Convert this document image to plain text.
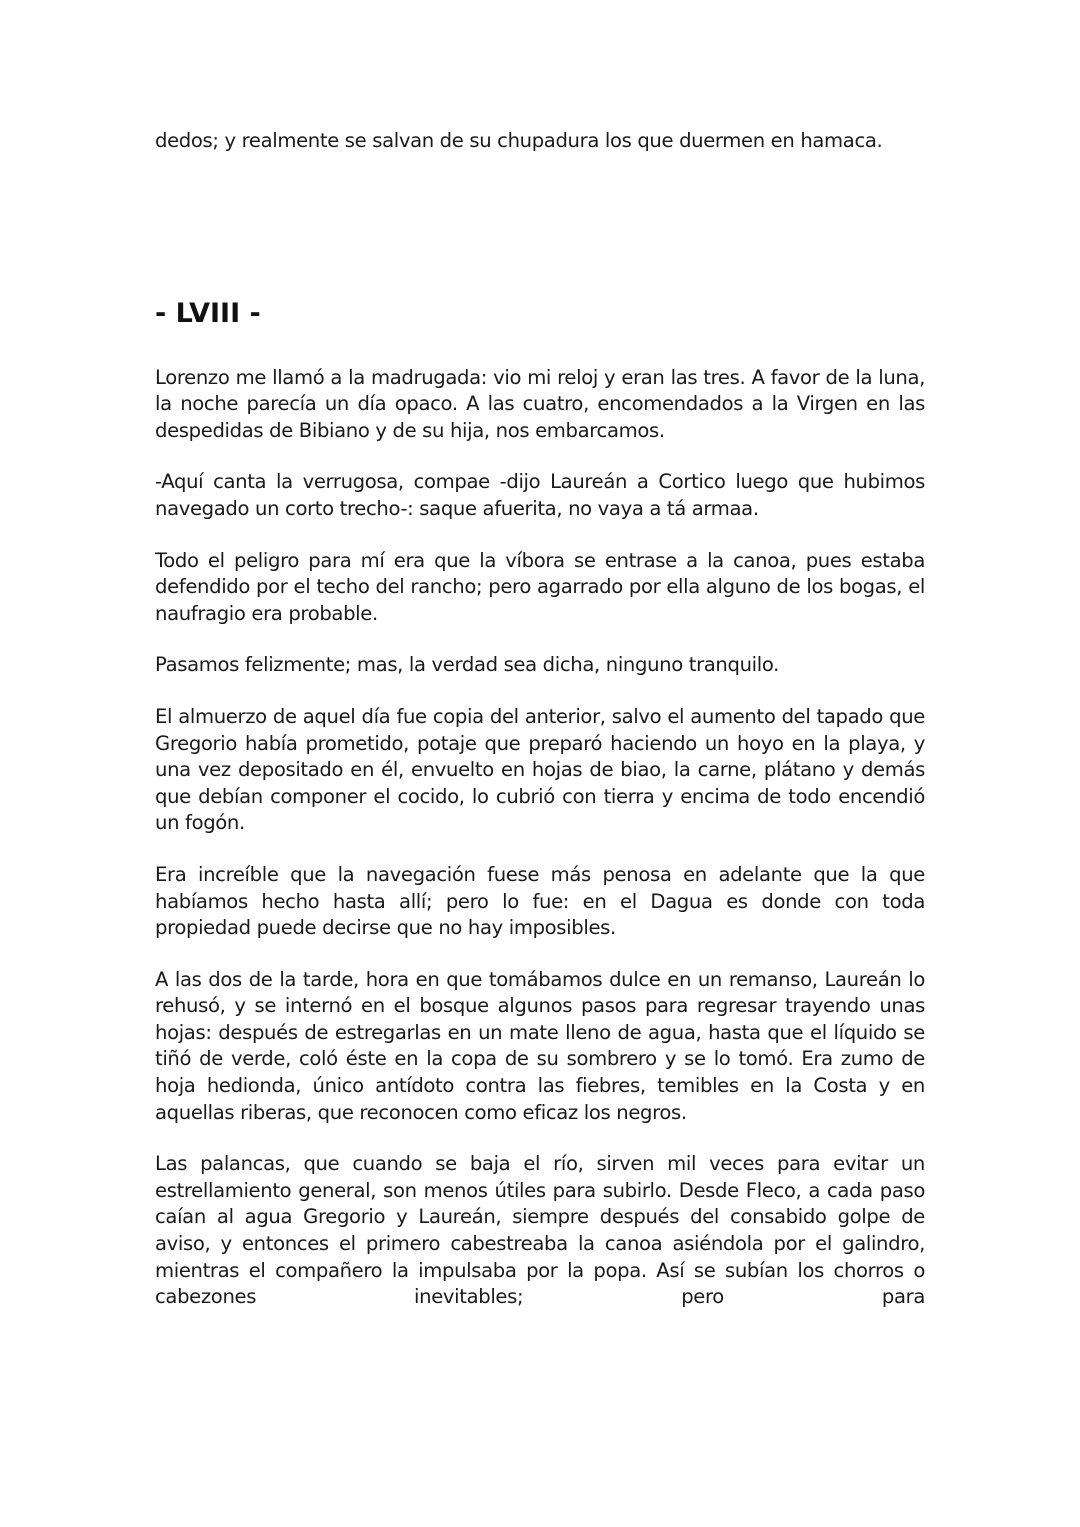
dedos; y realmente se salvan de su chupadura los que duermen en hamaca.

- LVIII -

Lorenzo me llamó a la madrugada: vio mi reloj y eran las tres. A favor de la luna, la noche parecía un día opaco. A las cuatro, encomendados a la Virgen en las despedidas de Bibiano y de su hija, nos embarcamos.

-Aquí canta la verrugosa, compae -dijo Laureán a Cortico luego que hubimos navegado un corto trecho-: saque afuerita, no vaya a tá armaa.

Todo el peligro para mí era que la víbora se entrase a la canoa, pues estaba defendido por el techo del rancho; pero agarrado por ella alguno de los bogas, el naufragio era probable.

Pasamos felizmente; mas, la verdad sea dicha, ninguno tranquilo.

El almuerzo de aquel día fue copia del anterior, salvo el aumento del tapado que Gregorio había prometido, potaje que preparó haciendo un hoyo en la playa, y una vez depositado en él, envuelto en hojas de biao, la carne, plátano y demás que debían componer el cocido, lo cubrió con tierra y encima de todo encendió un fogón.

Era increíble que la navegación fuese más penosa en adelante que la que habíamos hecho hasta allí; pero lo fue: en el Dagua es donde con toda propiedad puede decirse que no hay imposibles.

A las dos de la tarde, hora en que tomábamos dulce en un remanso, Laureán lo rehusó, y se internó en el bosque algunos pasos para regresar trayendo unas hojas: después de estregarlas en un mate lleno de agua, hasta que el líquido se tiñó de verde, coló éste en la copa de su sombrero y se lo tomó. Era zumo de hoja hedionda, único antídoto contra las fiebres, temibles en la Costa y en aquellas riberas, que reconocen como eficaz los negros.

Las palancas, que cuando se baja el río, sirven mil veces para evitar un estrellamiento general, son menos útiles para subirlo. Desde Fleco, a cada paso caían al agua Gregorio y Laureán, siempre después del consabido golpe de aviso, y entonces el primero cabestreaba la canoa asiéndola por el galindro, mientras el compañero la impulsaba por la popa. Así se subían los chorros o cabezones inevitables; pero para
